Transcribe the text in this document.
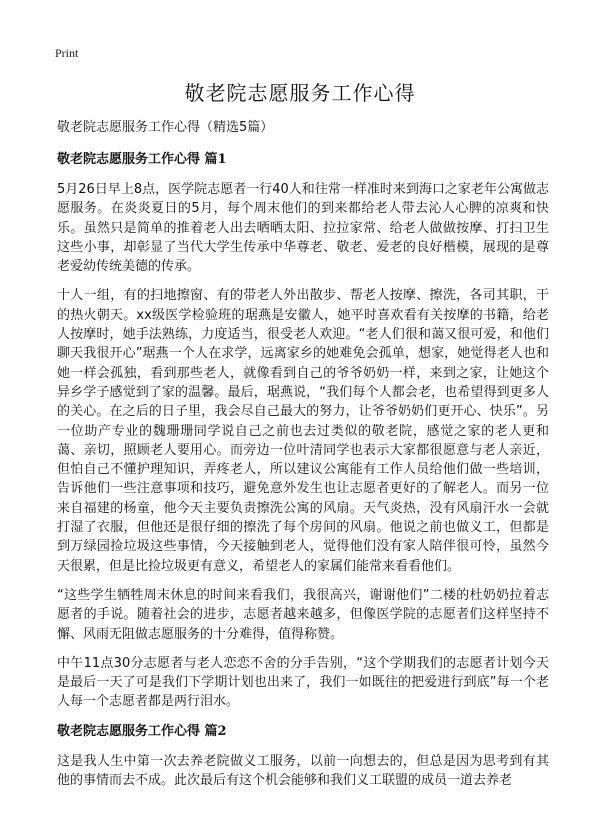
Print
敬老院志愿服务工作心得

敬老院志愿服务工作心得（精选5篇）

敬老院志愿服务工作心得 篇1

5月26日早上8点，医学院志愿者一行40人和往常一样准时来到海口之家老年公寓做志愿服务。在炎炎夏日的5月，每个周末他们的到来都给老人带去沁人心脾的凉爽和快乐。虽然只是简单的推着老人出去晒晒太阳、拉拉家常、给老人做做按摩、打扫卫生这些小事，却彰显了当代大学生传承中华尊老、敬老、爱老的良好楷模，展现的是尊老爱幼传统美德的传承。

十人一组，有的扫地擦窗、有的带老人外出散步、帮老人按摩、擦洗，各司其职，干的热火朝天。xx级医学检验班的琚燕是安徽人，她平时喜欢看有关按摩的书籍，给老人按摩时，她手法熟练，力度适当，很受老人欢迎。“老人们很和蔼又很可爱，和他们聊天我很开心”琚燕一个人在求学，远离家乡的她难免会孤单，想家，她觉得老人也和她一样会孤独，看到那些老人，就像看到自己的爷爷奶奶一样，来到之家，让她这个异乡学子感觉到了家的温馨。最后，琚燕说，“我们每个人都会老，也希望得到更多人的关心。在之后的日子里，我会尽自己最大的努力，让爷爷奶奶们更开心、快乐”。另一位助产专业的魏珊珊同学说自己之前也去过类似的敬老院，感觉之家的老人更和蔼、亲切，照顾老人要用心。而旁边一位叶清同学也表示大家都很愿意与老人亲近，但怕自己不懂护理知识，弄疼老人，所以建议公寓能有工作人员给他们做一些培训，告诉他们一些注意事项和技巧，避免意外发生也让志愿者更好的了解老人。而另一位来自福建的杨童，他今天主要负责擦洗公寓的风扇。天气炎热，没有风扇汗水一会就打湿了衣服，但他还是很仔细的擦洗了每个房间的风扇。他说之前也做义工，但都是到万绿园捡垃圾这些事情，今天接触到老人，觉得他们没有家人陪伴很可怜，虽然今天很累，但是比捡垃圾更有意义，希望老人的家属们能常来看看他们。

“这些学生牺牲周末休息的时间来看我们，我很高兴，谢谢他们”二楼的杜奶奶拉着志愿者的手说。随着社会的进步，志愿者越来越多，但像医学院的志愿者们这样坚持不懈、风雨无阻做志愿服务的十分难得，值得称赞。

中午11点30分志愿者与老人恋恋不舍的分手告别，“这个学期我们的志愿者计划今天是最后一天了可是我们下学期计划也出来了，我们一如既往的把爱进行到底”每一个老人每一个志愿者都是两行泪水。

敬老院志愿服务工作心得 篇2

这是我人生中第一次去养老院做义工服务，以前一向想去的，但总是因为思考到有其他的事情而去不成。此次最后有这个机会能够和我们义工联盟的成员一道去养老
